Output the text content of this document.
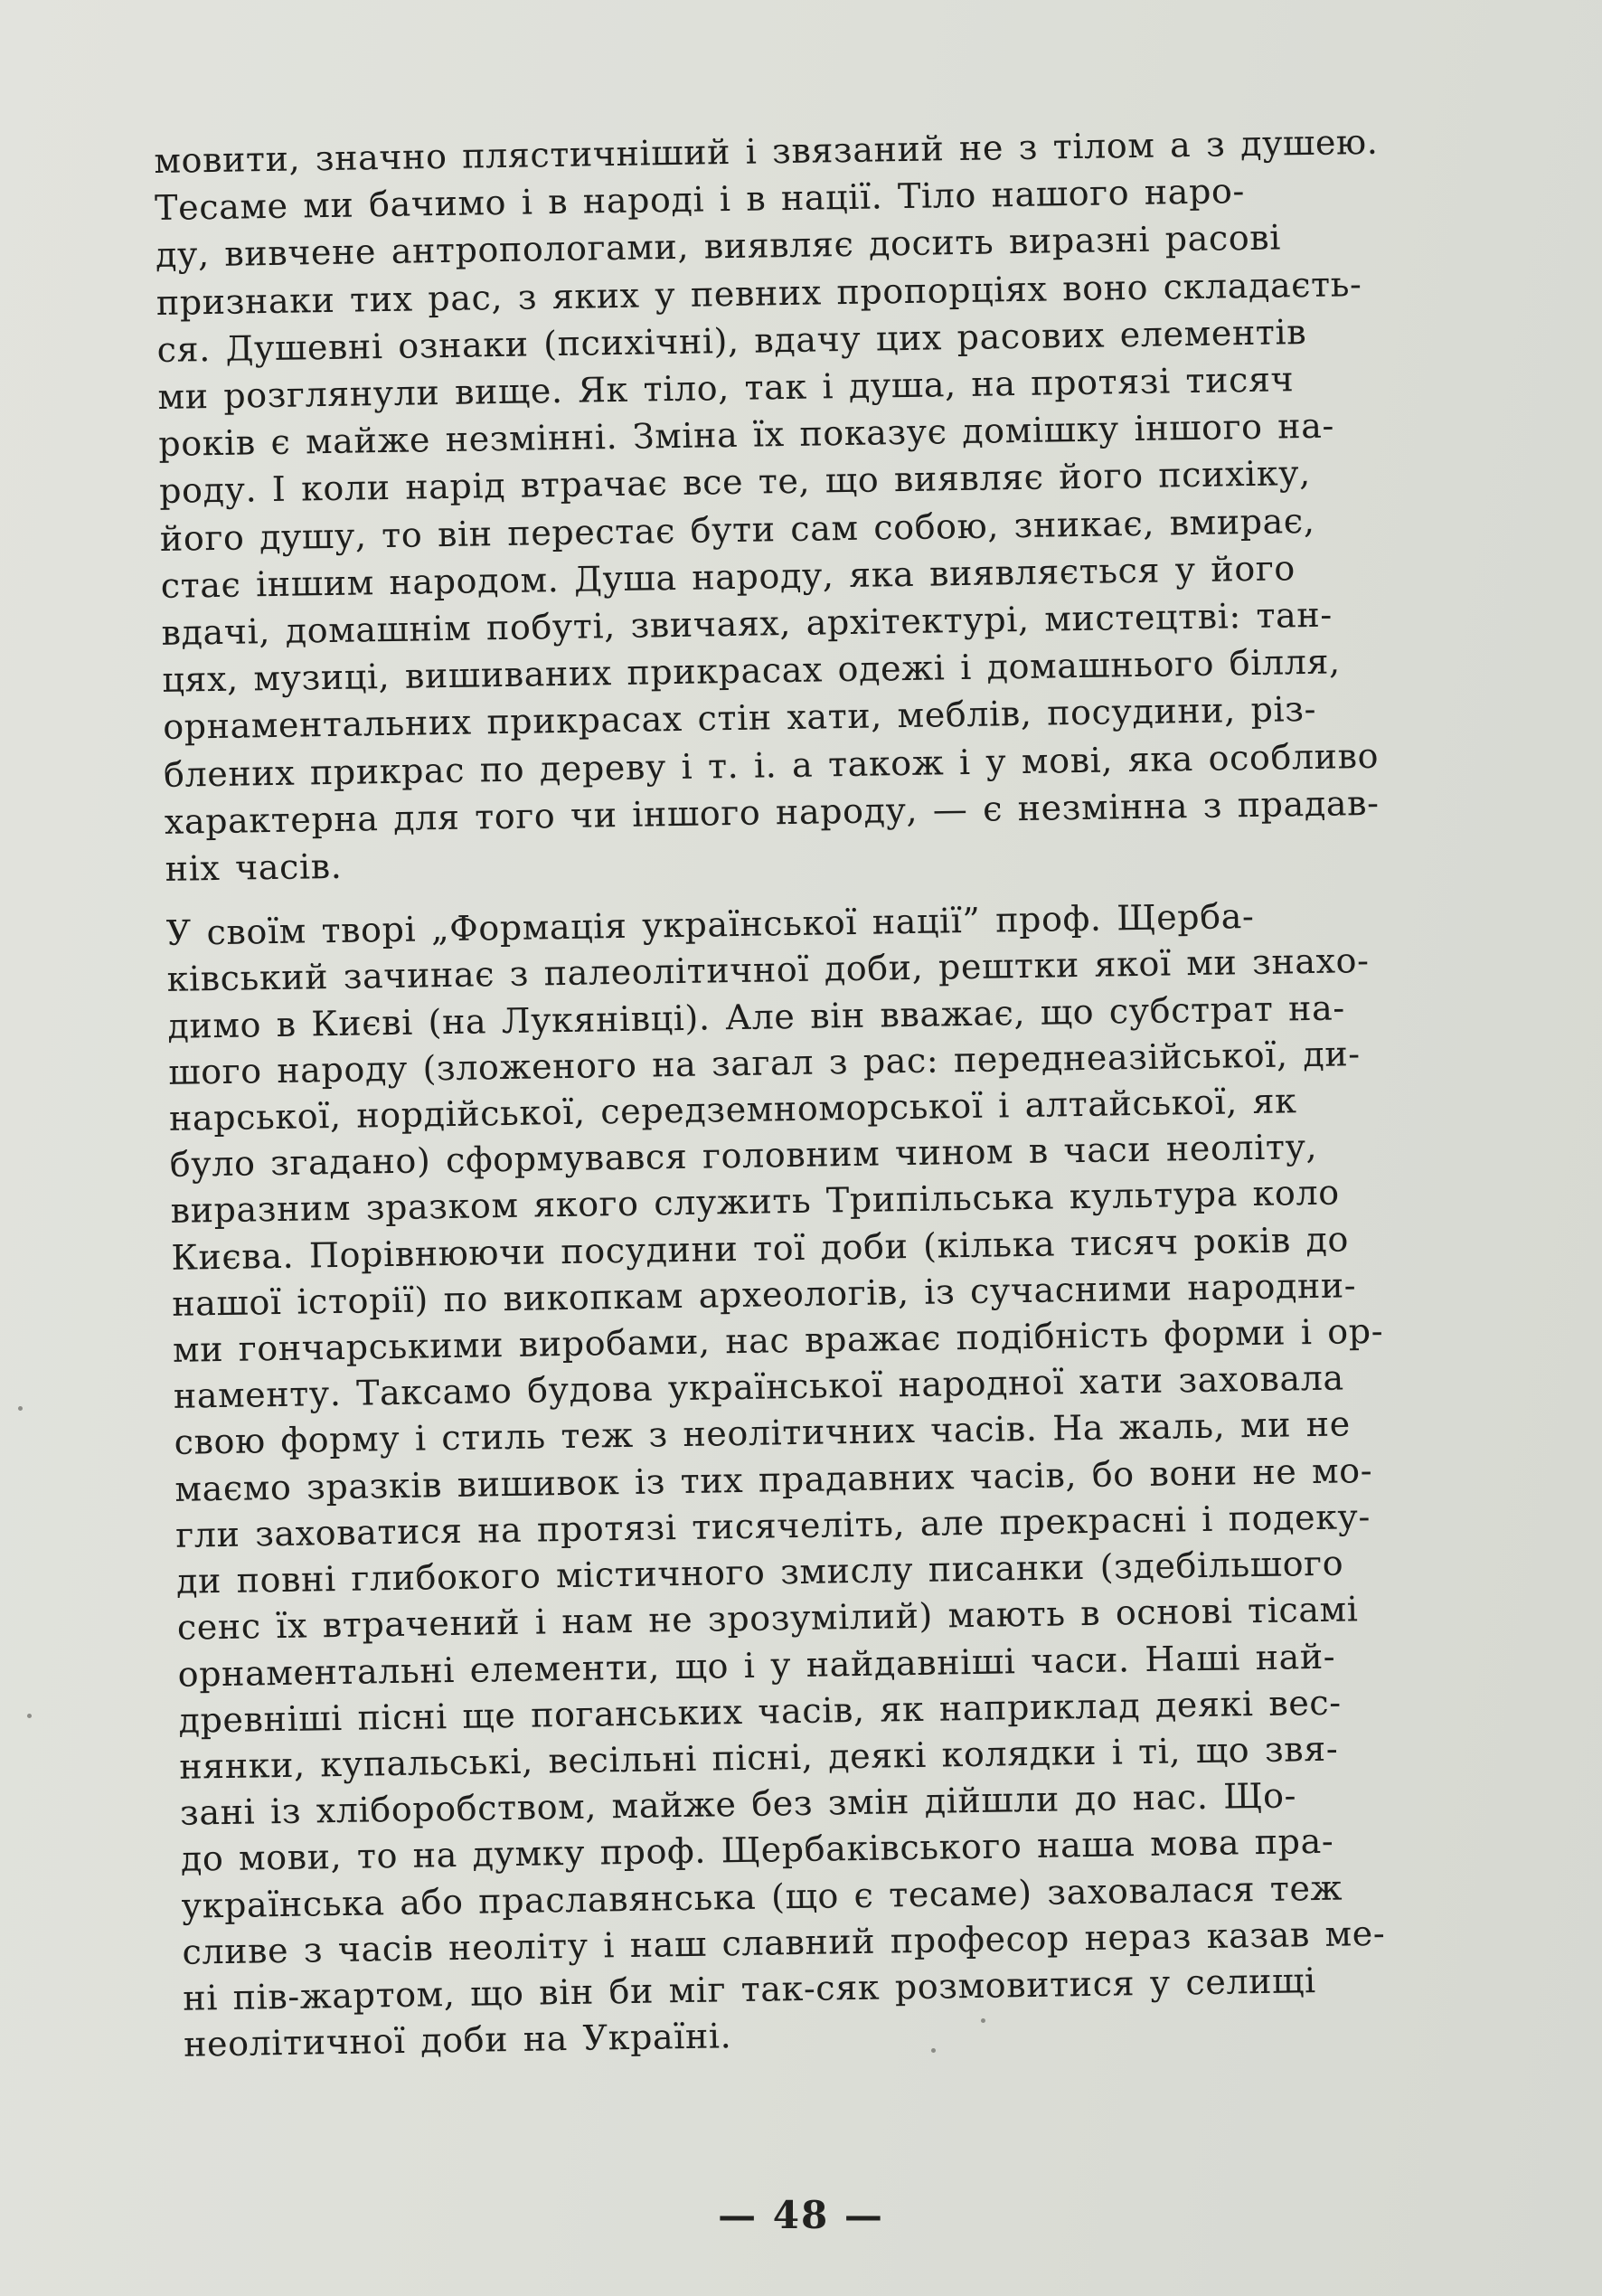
мовити, значно плястичніший і звязаний не з тілом а з душею.
Тесаме ми бачимо і в народі і в нації. Тіло нашого наро-
ду, вивчене антропологами, виявляє досить виразні расові
признаки тих рас, з яких у певних пропорціях воно складаєть-
ся. Душевні ознаки (психічні), вдачу цих расових елементів
ми розглянули вище. Як тіло, так і душа, на протязі тисяч
років є майже незмінні. Зміна їх показує домішку іншого на-
роду. І коли нарід втрачає все те, що виявляє його психіку,
його душу, то він перестає бути сам собою, зникає, вмирає,
стає іншим народом. Душа народу, яка виявляється у його
вдачі, домашнім побуті, звичаях, архітектурі, мистецтві: тан-
цях, музиці, вишиваних прикрасах одежі і домашнього білля,
орнаментальних прикрасах стін хати, меблів, посудини, різ-
блених прикрас по дереву і т. і. а також і у мові, яка особливо
характерна для того чи іншого народу, — є незмінна з прадав-
ніх часів.

У своїм творі „Формація української нації” проф. Щерба-
ківський зачинає з палеолітичної доби, рештки якої ми знахо-
димо в Києві (на Лукянівці). Але він вважає, що субстрат на-
шого народу (зложеного на загал з рас: переднеазійської, ди-
нарської, нордійської, середземноморської і алтайської, як
було згадано) сформувався головним чином в часи неоліту,
виразним зразком якого служить Трипільська культура коло
Києва. Порівнюючи посудини тої доби (кілька тисяч років до
нашої історії) по викопкам археологів, із сучасними народни-
ми гончарськими виробами, нас вражає подібність форми і ор-
наменту. Таксамо будова української народної хати заховала
свою форму і стиль теж з неолітичних часів. На жаль, ми не
маємо зразків вишивок із тих прадавних часів, бо вони не мо-
гли заховатися на протязі тисячеліть, але прекрасні і подеку-
ди повні глибокого містичного змислу писанки (здебільшого
сенс їх втрачений і нам не зрозумілий) мають в основі тісамі
орнаментальні елементи, що і у найдавніші часи. Наші най-
древніші пісні ще поганських часів, як наприклад деякі вес-
нянки, купальські, весільні пісні, деякі колядки і ті, що звя-
зані із хліборобством, майже без змін дійшли до нас. Що-
до мови, то на думку проф. Щербаківського наша мова пра-
українська або праславянська (що є тесаме) заховалася теж
сливе з часів неоліту і наш славний професор нераз казав ме-
ні пів-жартом, що він би міг так-сяк розмовитися у селищі
неолітичної доби на Україні.

— 48 —
